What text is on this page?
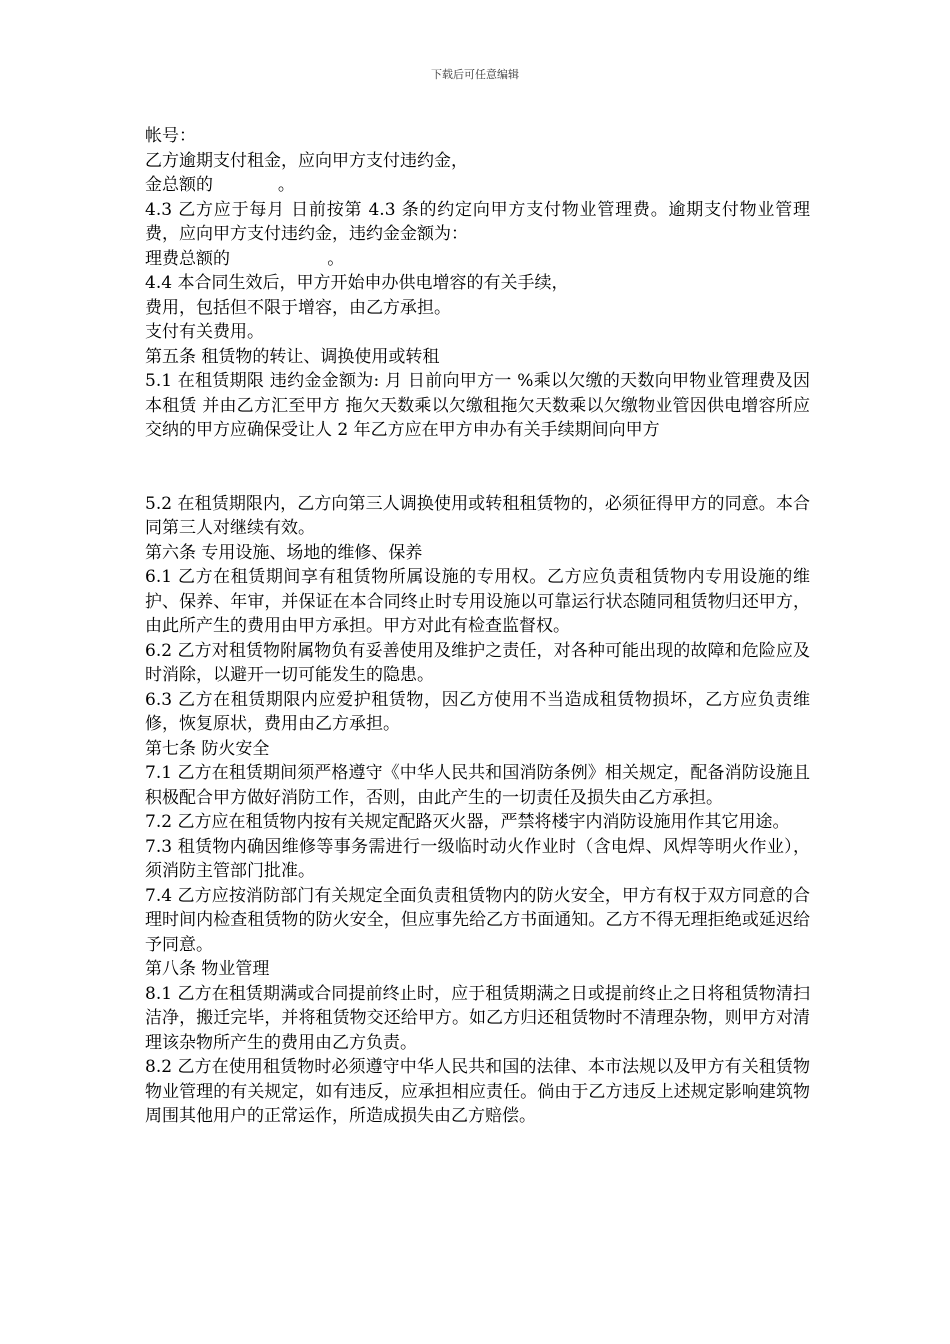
下载后可任意编辑
帐号：
乙方逾期支付租金，应向甲方支付违约金，
金总额的            。
4.3 乙方应于每月 日前按第 4.3 条的约定向甲方支付物业管理费。逾期支付物业管理费，应向甲方支付违约金，违约金金额为：
理费总额的                  。
4.4 本合同生效后，甲方开始申办供电增容的有关手续，
费用，包括但不限于增容，由乙方承担。
支付有关费用。
第五条 租赁物的转让、调换使用或转租
5.1 在租赁期限 违约金金额为: 月 日前向甲方一 %乘以欠缴的天数向甲物业管理费及因本租赁 并由乙方汇至甲方 拖欠天数乘以欠缴租拖欠天数乘以欠缴物业管因供电增容所应交纳的甲方应确保受让人 2 年乙方应在甲方申办有关手续期间向甲方
5.2 在租赁期限内，乙方向第三人调换使用或转租租赁物的，必须征得甲方的同意。本合同第三人对继续有效。
第六条 专用设施、场地的维修、保养
6.1 乙方在租赁期间享有租赁物所属设施的专用权。乙方应负责租赁物内专用设施的维护、保养、年审，并保证在本合同终止时专用设施以可靠运行状态随同租赁物归还甲方，由此所产生的费用由甲方承担。甲方对此有检查监督权。
6.2 乙方对租赁物附属物负有妥善使用及维护之责任，对各种可能出现的故障和危险应及时消除，以避开一切可能发生的隐患。
6.3 乙方在租赁期限内应爱护租赁物，因乙方使用不当造成租赁物损坏，乙方应负责维修，恢复原状，费用由乙方承担。
第七条 防火安全
7.1 乙方在租赁期间须严格遵守《中华人民共和国消防条例》相关规定，配备消防设施且积极配合甲方做好消防工作，否则，由此产生的一切责任及损失由乙方承担。
7.2 乙方应在租赁物内按有关规定配路灭火器，严禁将楼宇内消防设施用作其它用途。
7.3 租赁物内确因维修等事务需进行一级临时动火作业时（含电焊、风焊等明火作业），须消防主管部门批准。
7.4 乙方应按消防部门有关规定全面负责租赁物内的防火安全，甲方有权于双方同意的合理时间内检查租赁物的防火安全，但应事先给乙方书面通知。乙方不得无理拒绝或延迟给予同意。
第八条 物业管理
8.1 乙方在租赁期满或合同提前终止时，应于租赁期满之日或提前终止之日将租赁物清扫洁净，搬迁完毕，并将租赁物交还给甲方。如乙方归还租赁物时不清理杂物，则甲方对清理该杂物所产生的费用由乙方负责。
8.2 乙方在使用租赁物时必须遵守中华人民共和国的法律、本市法规以及甲方有关租赁物物业管理的有关规定，如有违反，应承担相应责任。倘由于乙方违反上述规定影响建筑物周围其他用户的正常运作，所造成损失由乙方赔偿。
